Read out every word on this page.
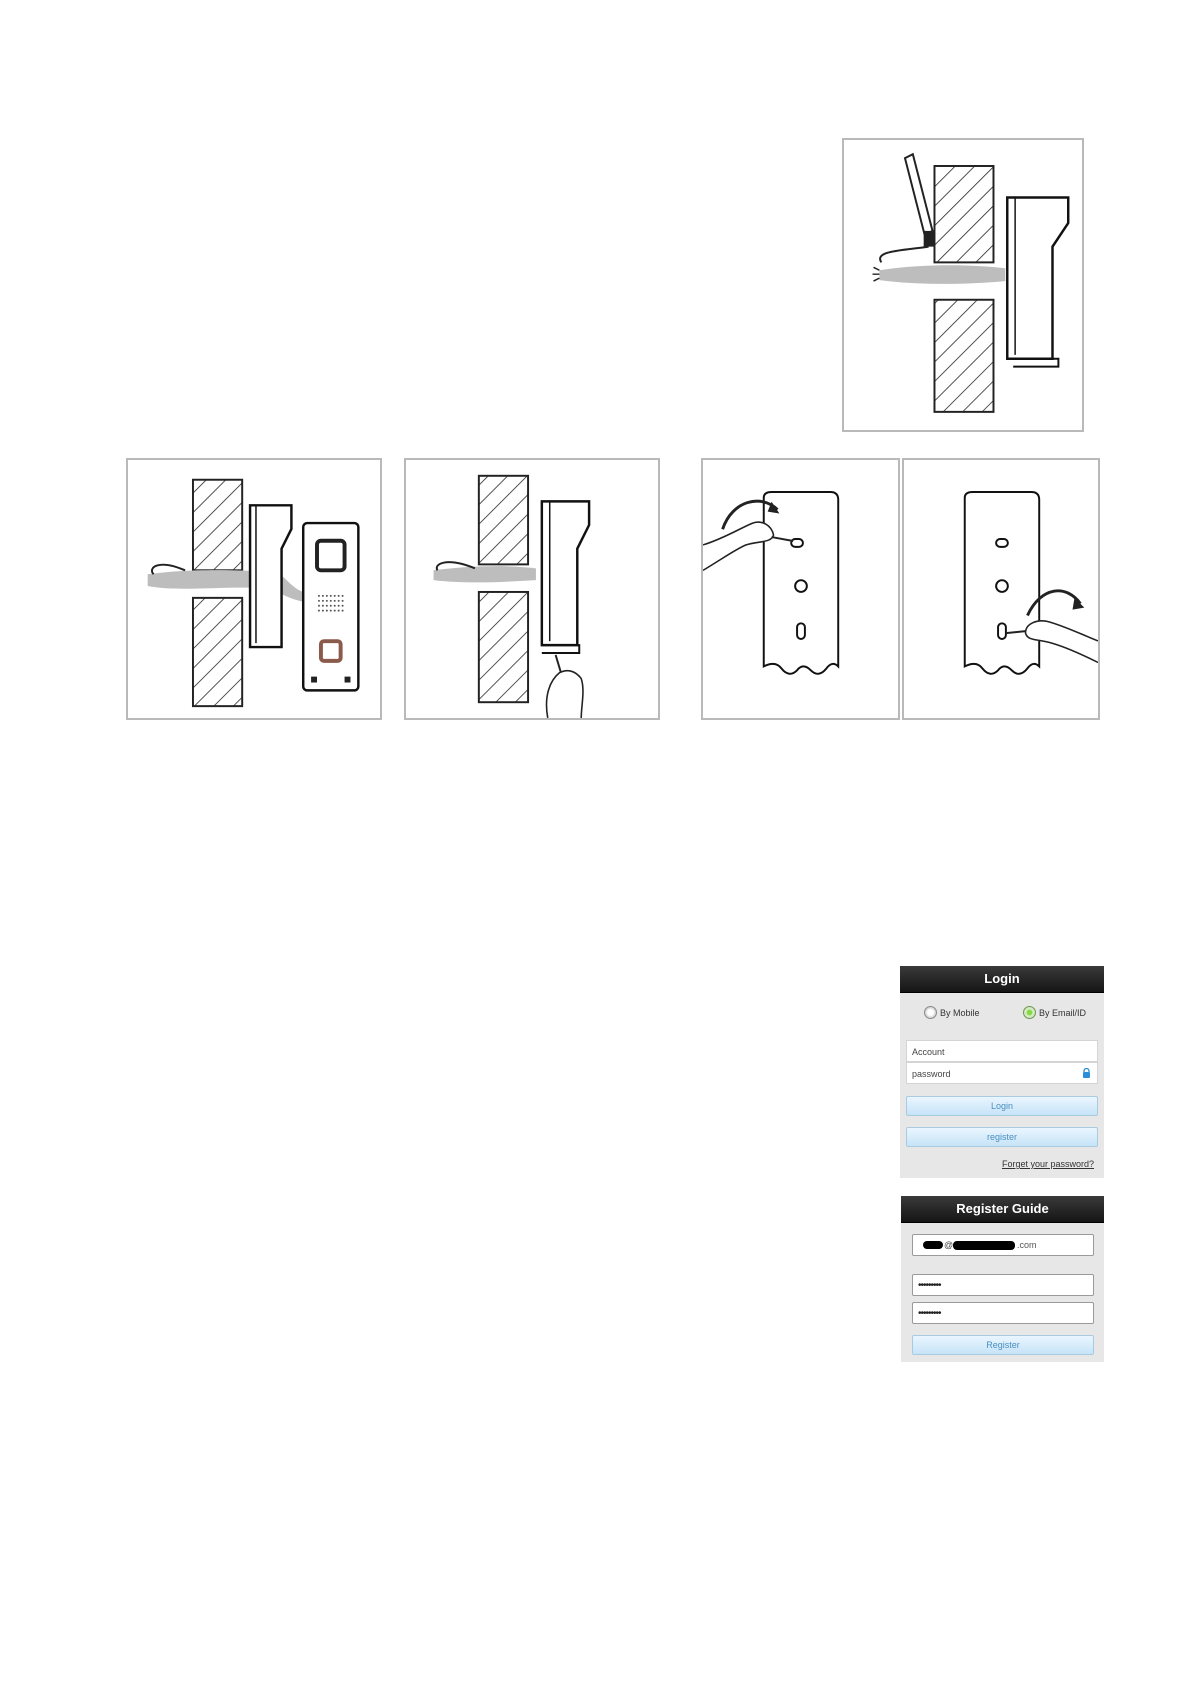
Login
By Mobile	By Email/ID
Account
password
Login
register
Forget your password?
Register Guide
@	.com
•••••••••
•••••••••
Register
